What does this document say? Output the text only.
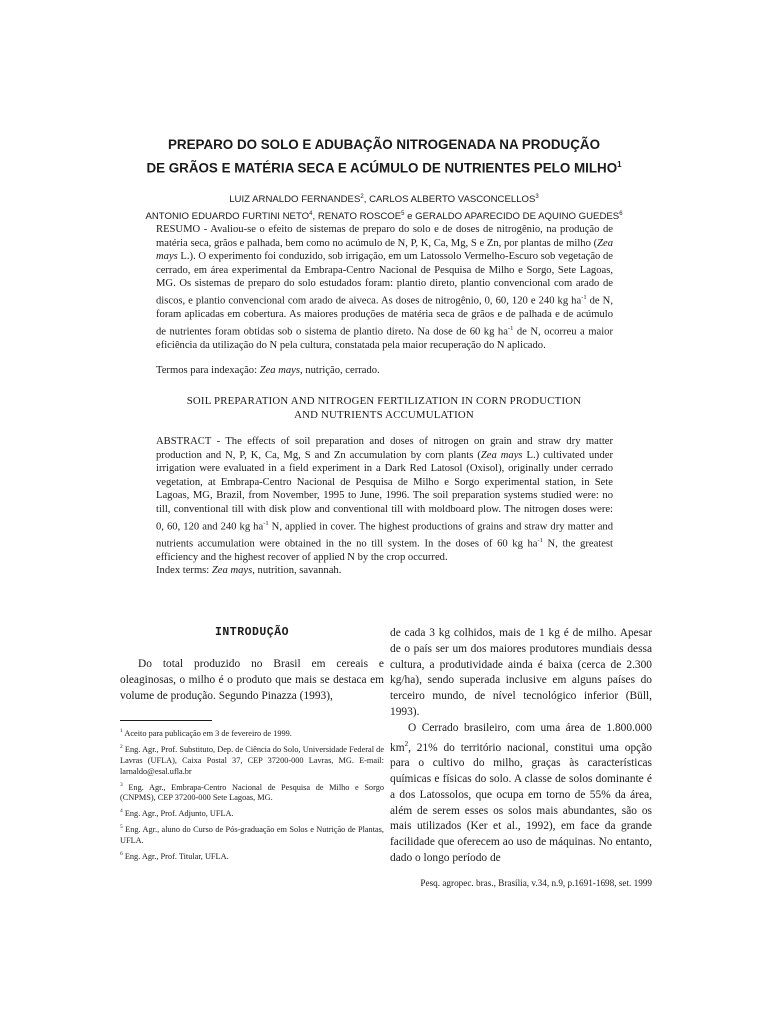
PREPARO DO SOLO E ADUBAÇÃO NITROGENADA NA PRODUÇÃO
DE GRÃOS E MATÉRIA SECA E ACÚMULO DE NUTRIENTES PELO MILHO$^1$
LUIZ ARNALDO FERNANDES$^2$, CARLOS ALBERTO VASCONCELLOS$^3$
ANTONIO EDUARDO FURTINI NETO$^4$, RENATO ROSCOE$^5$ e GERALDO APARECIDO DE AQUINO GUEDES$^6$
RESUMO - Avaliou-se o efeito de sistemas de preparo do solo e de doses de nitrogênio, na produção de matéria seca, grãos e palhada, bem como no acúmulo de N, P, K, Ca, Mg, S e Zn, por plantas de milho (Zea mays L.). O experimento foi conduzido, sob irrigação, em um Latossolo Vermelho-Escuro sob vegetação de cerrado, em área experimental da Embrapa-Centro Nacional de Pesquisa de Milho e Sorgo, Sete Lagoas, MG. Os sistemas de preparo do solo estudados foram: plantio direto, plantio convencional com arado de discos, e plantio convencional com arado de aiveca. As doses de nitrogênio, 0, 60, 120 e 240 kg $ha^{-1}$ de N, foram aplicadas em cobertura. As maiores produções de matéria seca de grãos e de palhada e de acúmulo de nutrientes foram obtidas sob o sistema de plantio direto. Na dose de 60 kg $ha^{-1}$ de N, ocorreu a maior eficiência da utilização do N pela cultura, constatada pela maior recuperação do N aplicado.
Termos para indexação: Zea mays, nutrição, cerrado.
SOIL PREPARATION AND NITROGEN FERTILIZATION IN CORN PRODUCTION
AND NUTRIENTS ACCUMULATION
ABSTRACT - The effects of soil preparation and doses of nitrogen on grain and straw dry matter production and N, P, K, Ca, Mg, S and Zn accumulation by corn plants (Zea mays L.) cultivated under irrigation were evaluated in a field experiment in a Dark Red Latosol (Oxisol), originally under cerrado vegetation, at Embrapa-Centro Nacional de Pesquisa de Milho e Sorgo experimental station, in Sete Lagoas, MG, Brazil, from November, 1995 to June, 1996. The soil preparation systems studied were: no till, conventional till with disk plow and conventional till with moldboard plow. The nitrogen doses were: 0, 60, 120 and 240 kg $ha^{-1}$ N, applied in cover. The highest productions of grains and straw dry matter and nutrients accumulation were obtained in the no till system. In the doses of 60 kg $ha^{-1}$ N, the greatest efficiency and the highest recover of applied N by the crop occurred.
Index terms: Zea mays, nutrition, savannah.
INTRODUÇÃO

Do total produzido no Brasil em cereais e oleaginosas, o milho é o produto que mais se destaca em volume de produção. Segundo Pinazza (1993),

$^1$ Aceito para publicação em 3 de fevereiro de 1999.
$^2$ Eng. Agr., Prof. Substituto, Dep. de Ciência do Solo, Universidade Federal de Lavras (UFLA), Caixa Postal 37, CEP 37200-000 Lavras, MG. E-mail: larnaldo@esal.ufla.br
$^3$ Eng. Agr., Embrapa-Centro Nacional de Pesquisa de Milho e Sorgo (CNPMS), CEP 37200-000 Sete Lagoas, MG.
$^4$ Eng. Agr., Prof. Adjunto, UFLA.
$^5$ Eng. Agr., aluno do Curso de Pós-graduação em Solos e Nutrição de Plantas, UFLA.
$^6$ Eng. Agr., Prof. Titular, UFLA.

de cada 3 kg colhidos, mais de 1 kg é de milho. Apesar de o país ser um dos maiores produtores mundiais dessa cultura, a produtividade ainda é baixa (cerca de 2.300 kg/ha), sendo superada inclusive em alguns países do terceiro mundo, de nível tecnológico inferior (Büll, 1993).

O Cerrado brasileiro, com uma área de 1.800.000 $km^2$, 21% do território nacional, constitui uma opção para o cultivo do milho, graças às características químicas e físicas do solo. A classe de solos dominante é a dos Latossolos, que ocupa em torno de 55% da área, além de serem esses os solos mais abundantes, são os mais utilizados (Ker et al., 1992), em face da grande facilidade que oferecem ao uso de máquinas. No entanto, dado o longo período de

Pesq. agropec. bras., Brasília, v.34, n.9, p.1691-1698, set. 1999
